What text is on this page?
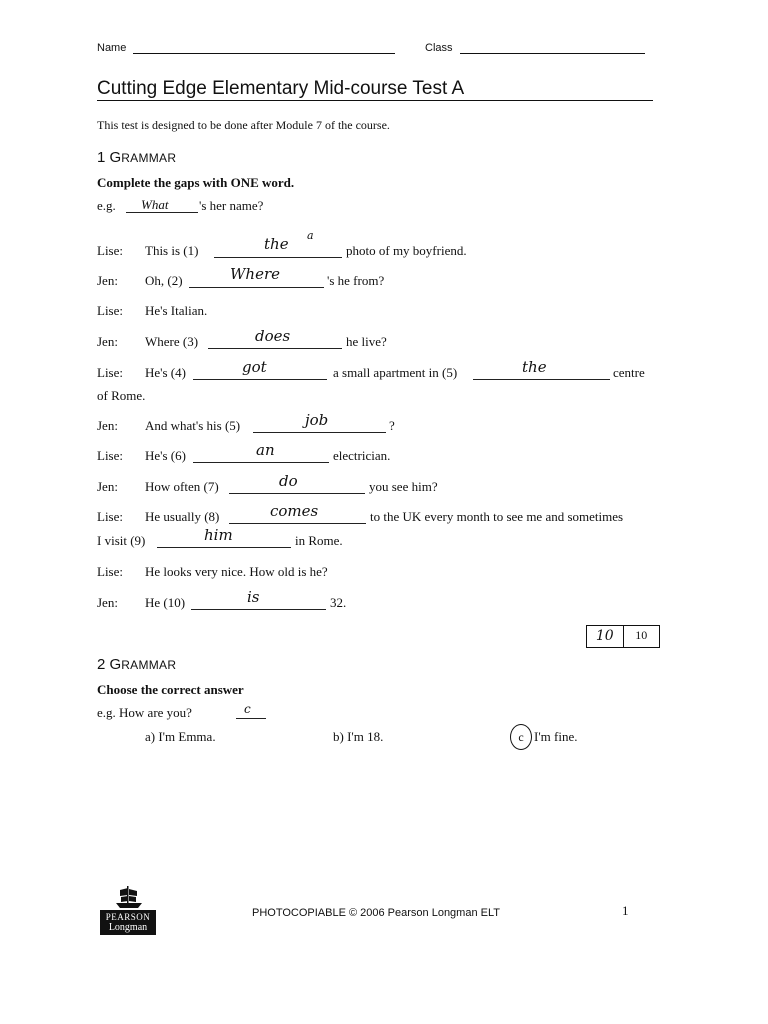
Name	Class
Cutting Edge Elementary Mid-course Test A
This test is designed to be done after Module 7 of the course.
1 GRAMMAR
Complete the gaps with ONE word.
e.g. What 's her name?
Lise: This is (1)	the a
photo of my boyfriend.
Jen: Oh, (2)	Where	's he from?
Lise: He's Italian.
Jen: Where (3)	does	he live?
Lise: He's (4)	got	a small apartment in (5)	the	centre
of Rome.
Jen: And what's his (5)	job	?
Lise: He's (6)	an	electrician.
Jen: How often (7)	do	you see him?
Lise: He usually (8)	comes	to the UK every month to see me and sometimes
I visit (9)	him	in Rome.
Lise: He looks very nice. How old is he?
Jen: He (10)	is	32.
10	10
2 GRAMMAR
Choose the correct answer
e.g. How are you?	c
a) I'm Emma.	b) I'm 18.	c I'm fine.
PEARSON
Longman
PHOTOCOPIABLE © 2006 Pearson Longman ELT	1
